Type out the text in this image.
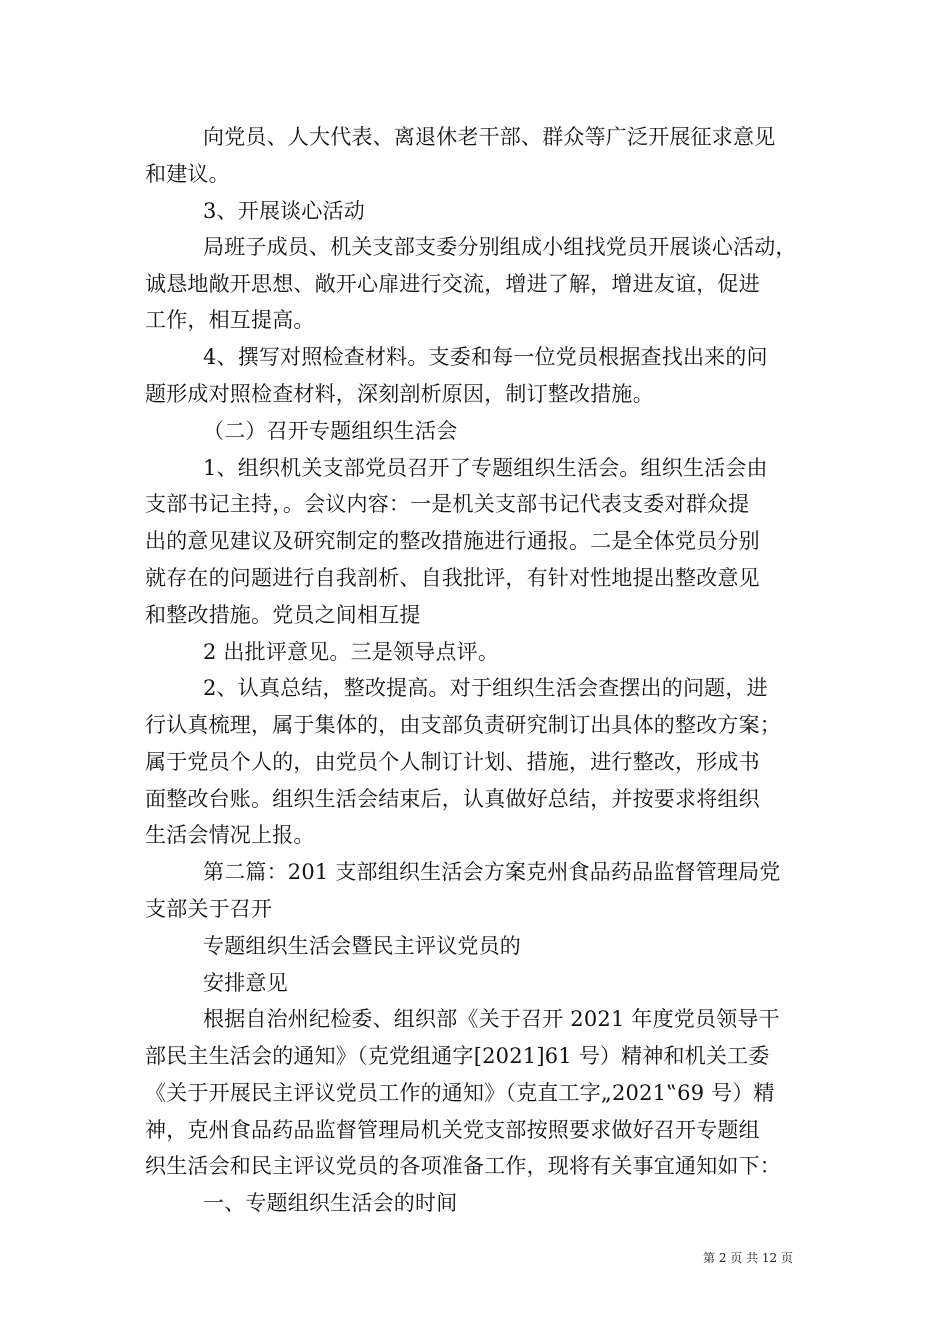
向党员、人大代表、离退休老干部、群众等广泛开展征求意见
和建议。
3、开展谈心活动
局班子成员、机关支部支委分别组成小组找党员开展谈心活动，
诚恳地敞开思想、敞开心扉进行交流，增进了解，增进友谊，促进
工作，相互提高。
4、撰写对照检查材料。支委和每一位党员根据查找出来的问
题形成对照检查材料，深刻剖析原因，制订整改措施。
（二）召开专题组织生活会
1、组织机关支部党员召开了专题组织生活会。组织生活会由
支部书记主持，。会议内容：一是机关支部书记代表支委对群众提
出的意见建议及研究制定的整改措施进行通报。二是全体党员分别
就存在的问题进行自我剖析、自我批评，有针对性地提出整改意见
和整改措施。党员之间相互提
2 出批评意见。三是领导点评。
2、认真总结，整改提高。对于组织生活会查摆出的问题，进
行认真梳理，属于集体的，由支部负责研究制订出具体的整改方案；
属于党员个人的，由党员个人制订计划、措施，进行整改，形成书
面整改台账。组织生活会结束后，认真做好总结，并按要求将组织
生活会情况上报。
第二篇：201 支部组织生活会方案克州食品药品监督管理局党
支部关于召开
专题组织生活会暨民主评议党员的
安排意见
根据自治州纪检委、组织部《关于召开 2021 年度党员领导干
部民主生活会的通知》（克党组通字[2021]61 号）精神和机关工委
《关于开展民主评议党员工作的通知》（克直工字„2021‟69 号）精
神，克州食品药品监督管理局机关党支部按照要求做好召开专题组
织生活会和民主评议党员的各项准备工作，现将有关事宜通知如下：
一、专题组织生活会的时间
第 2 页 共 12 页
